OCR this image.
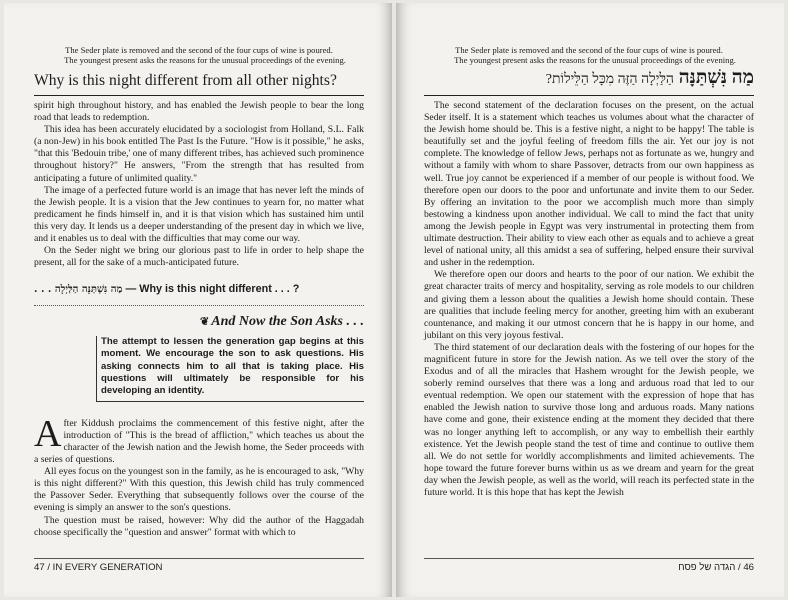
The Seder plate is removed and the second of the four cups of wine is poured.
The youngest present asks the reasons for the unusual proceedings of the evening.
Why is this night different from all other nights?

spirit high throughout history, and has enabled the Jewish people to bear the long road that leads to redemption.

This idea has been accurately elucidated by a sociologist from Holland, S.L. Falk (a non-Jew) in his book entitled The Past Is the Future. "How is it possible," he asks, "that this 'Bedouin tribe,' one of many different tribes, has achieved such prominence throughout history?" He answers, "From the strength that has resulted from anticipating a future of unlimited quality."

The image of a perfected future world is an image that has never left the minds of the Jewish people. It is a vision that the Jew continues to yearn for, no matter what predicament he finds himself in, and it is that vision which has sustained him until this very day. It lends us a deeper understanding of the present day in which we live, and it enables us to deal with the difficulties that may come our way.

On the Seder night we bring our glorious past to life in order to help shape the present, all for the sake of a much-anticipated future.

מַה נִּשְׁתַּנָּה הַלַּיְלָה . . . — Why is this night different . . . ?
❦ And Now the Son Asks . . .
The attempt to lessen the generation gap begins at this moment. We encourage the son to ask questions. His asking connects him to all that is taking place. His questions will ultimately be responsible for his developing an identity.

After Kiddush proclaims the commencement of this festive night, after the introduction of "This is the bread of affliction," which teaches us about the character of the Jewish nation and the Jewish home, the Seder proceeds with a series of questions.

All eyes focus on the youngest son in the family, as he is encouraged to ask, "Why is this night different?" With this question, this Jewish child has truly commenced the Passover Seder. Everything that subsequently follows over the course of the evening is simply an answer to the son's questions.

The question must be raised, however: Why did the author of the Haggadah choose specifically the "question and answer" format with which to

47 / IN EVERY GENERATION
The Seder plate is removed and the second of the four cups of wine is poured.
The youngest present asks the reasons for the unusual proceedings of the evening.
מַה נִּשְׁתַּנָּה הַלַּיְלָה הַזֶּה מִכָּל הַלֵּילוֹת?

The second statement of the declaration focuses on the present, on the actual Seder itself. It is a statement which teaches us volumes about what the character of the Jewish home should be. This is a festive night, a night to be happy! The table is beautifully set and the joyful feeling of freedom fills the air. Yet our joy is not complete. The knowledge of fellow Jews, perhaps not as fortunate as we, hungry and without a family with whom to share Passover, detracts from our own happiness as well. True joy cannot be experienced if a member of our people is without food. We therefore open our doors to the poor and unfortunate and invite them to our Seder. By offering an invitation to the poor we accomplish much more than simply bestowing a kindness upon another individual. We call to mind the fact that unity among the Jewish people in Egypt was very instrumental in protecting them from ultimate destruction. Their ability to view each other as equals and to achieve a great level of national unity, all this amidst a sea of suffering, helped ensure their survival and usher in the redemption.

We therefore open our doors and hearts to the poor of our nation. We exhibit the great character traits of mercy and hospitality, serving as role models to our children and giving them a lesson about the qualities a Jewish home should contain. These are qualities that include feeling mercy for another, greeting him with an exuberant countenance, and making it our utmost concern that he is happy in our home, and jubilant on this very joyous festival.

The third statement of our declaration deals with the fostering of our hopes for the magnificent future in store for the Jewish nation. As we tell over the story of the Exodus and of all the miracles that Hashem wrought for the Jewish people, we soberly remind ourselves that there was a long and arduous road that led to our eventual redemption. We open our statement with the expression of hope that has enabled the Jewish nation to survive those long and arduous roads. Many nations have come and gone, their existence ending at the moment they decided that there was no longer anything left to accomplish, or any way to embellish their earthly existence. Yet the Jewish people stand the test of time and continue to outlive them all. We do not settle for worldly accomplishments and limited achievements. The hope toward the future forever burns within us as we dream and yearn for the great day when the Jewish people, as well as the world, will reach its perfected state in the future world. It is this hope that has kept the Jewish

46 / הגדה של פסח
